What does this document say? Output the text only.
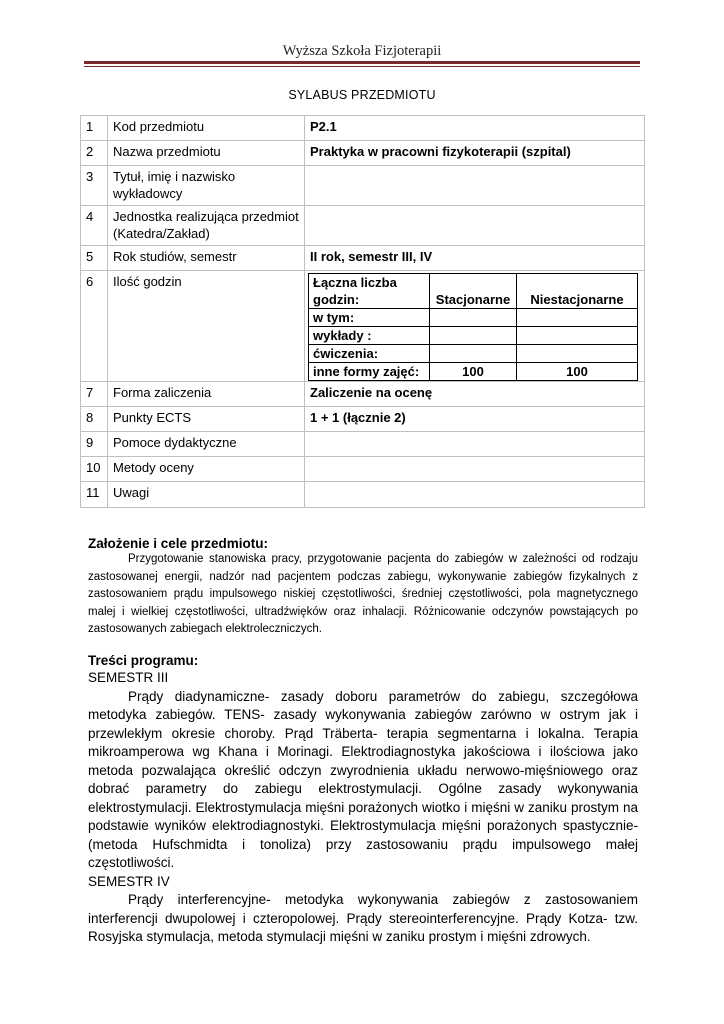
Wyższa Szkoła Fizjoterapii
SYLABUS PRZEDMIOTU
1	Kod przedmiotu	P2.1
2	Nazwa przedmiotu	Praktyka w pracowni fizykoterapii (szpital)
3	Tytuł, imię i nazwisko wykładowcy	
4	Jednostka realizująca przedmiot (Katedra/Zakład)	
5	Rok studiów, semestr	II rok, semestr III, IV
6	Ilość godzin		Łączna liczba godzin:	Stacjonarne	Niestacjonarne
w tym:		
wykłady :		
ćwiczenia:		
inne formy zajęć:	100	100

7	Forma zaliczenia	Zaliczenie na ocenę
8	Punkty ECTS	1 + 1 (łącznie 2)
9	Pomoce dydaktyczne	
10	Metody oceny	
11	Uwagi	
Założenie i cele przedmiotu:

Przygotowanie stanowiska pracy, przygotowanie pacjenta do zabiegów w zależności od rodzaju zastosowanej energii, nadzór nad pacjentem podczas zabiegu, wykonywanie zabiegów fizykalnych z zastosowaniem prądu impulsowego niskiej częstotliwości, średniej częstotliwości, pola magnetycznego malej i wielkiej częstotliwości, ultradźwięków oraz inhalacji. Różnicowanie odczynów powstających po zastosowanych zabiegach elektroleczniczych.

Treści programu:
SEMESTR III

Prądy diadynamiczne- zasady doboru parametrów do zabiegu, szczegółowa metodyka zabiegów. TENS- zasady wykonywania zabiegów zarówno w ostrym jak i przewlekłym okresie choroby. Prąd Träberta- terapia segmentarna i lokalna. Terapia mikroamperowa wg Khana i Morinagi. Elektrodiagnostyka jakościowa i ilościowa jako metoda pozwalająca określić odczyn zwyrodnienia układu nerwowo-mięśniowego oraz dobrać parametry do zabiegu elektrostymulacji. Ogólne zasady wykonywania elektrostymulacji. Elektrostymulacja mięśni porażonych wiotko i mięśni w zaniku prostym na podstawie wyników elektrodiagnostyki. Elektrostymulacja mięśni porażonych spastycznie- (metoda Hufschmidta i tonoliza) przy zastosowaniu prądu impulsowego małej częstotliwości.

SEMESTR IV

Prądy interferencyjne- metodyka wykonywania zabiegów z zastosowaniem interferencji dwupolowej i czteropolowej. Prądy stereointerferencyjne. Prądy Kotza- tzw. Rosyjska stymulacja, metoda stymulacji mięśni w zaniku prostym i mięśni zdrowych.
